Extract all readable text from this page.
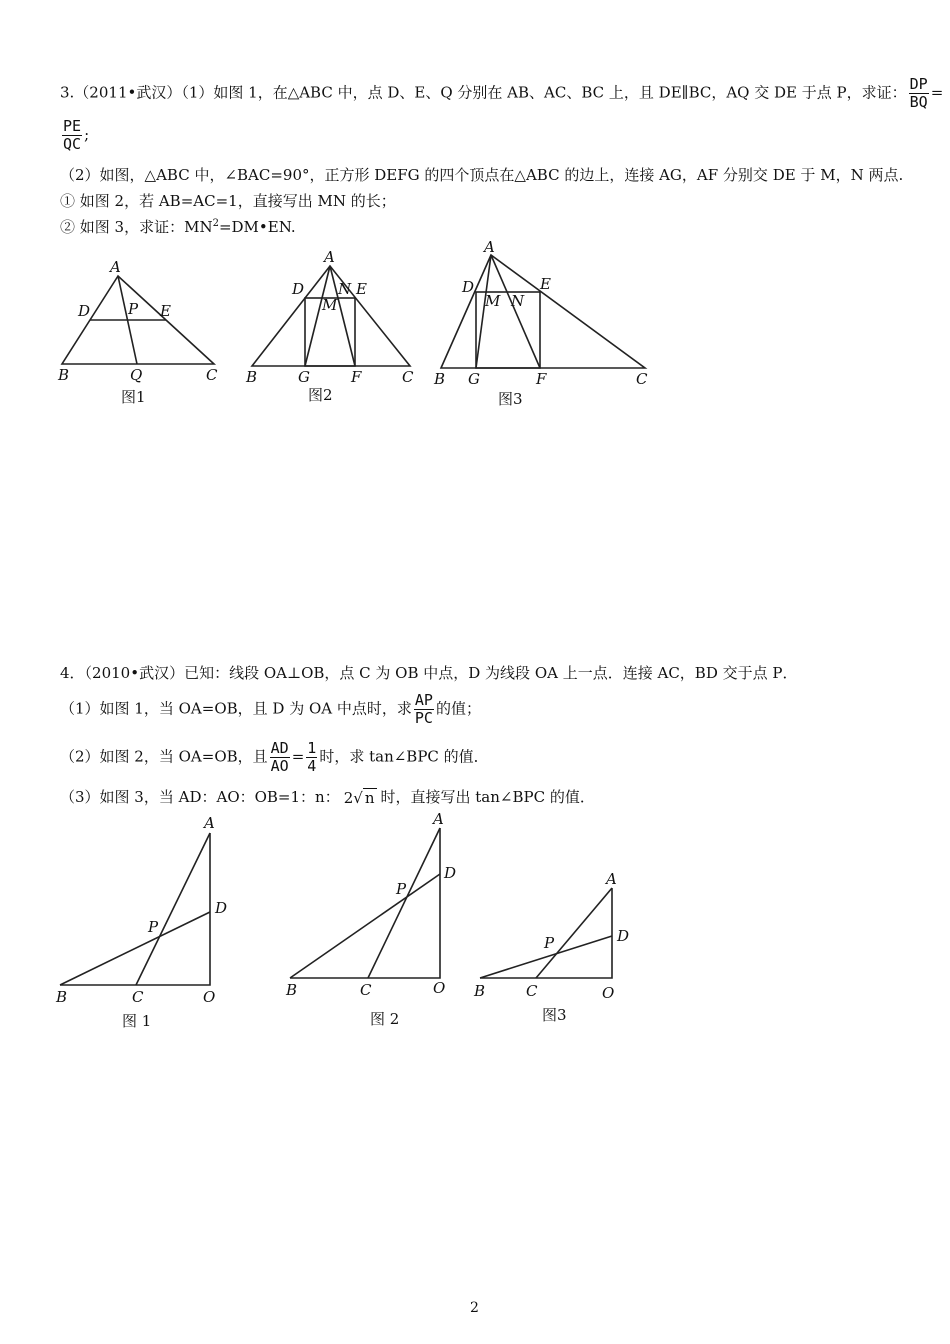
3.（2011•武汉）（1）如图 1，在△ABC 中，点 D、E、Q 分别在 AB、AC、BC 上，且 DE∥BC，AQ 交 DE 于点 P，求证： $\frac{DP}{BQ}$ =
$\frac{PE}{QC}$ ;
（2）如图，△ABC 中，∠BAC=90°，正方形 DEFG 的四个顶点在△ABC 的边上，连接 AG，AF 分别交 DE 于 M，N 两点.
① 如图 2，若 AB=AC=1，直接写出 MN 的长；
② 如图 3，求证：$MN^2=DM•EN$.
A
D	E
P
B	Q	C
图1
A
D	E
N
M
B	G	F	C
图2
A
D	E
M N
B G	F	C
图3
A
D
P
B	C	O
图 1
A
D
P
B	C	O
图 2
A
D
P
B	C	O
图3
4．（2010•武汉）已知：线段 OA⊥OB，点 C 为 OB 中点，D 为线段 OA 上一点．连接 AC，BD 交于点 P．
（1）如图 1，当 OA=OB，且 D 为 OA 中点时，求 $\frac{AP}{PC}$ 的值；
（2）如图 2，当 OA=OB，且 $\frac{AD}{AO} = \frac{1}{4}$ 时，求 tan∠BPC 的值．
（3）如图 3，当 AD：AO：OB=1：n： 2√ n 时，直接写出 tan∠BPC 的值．
2
